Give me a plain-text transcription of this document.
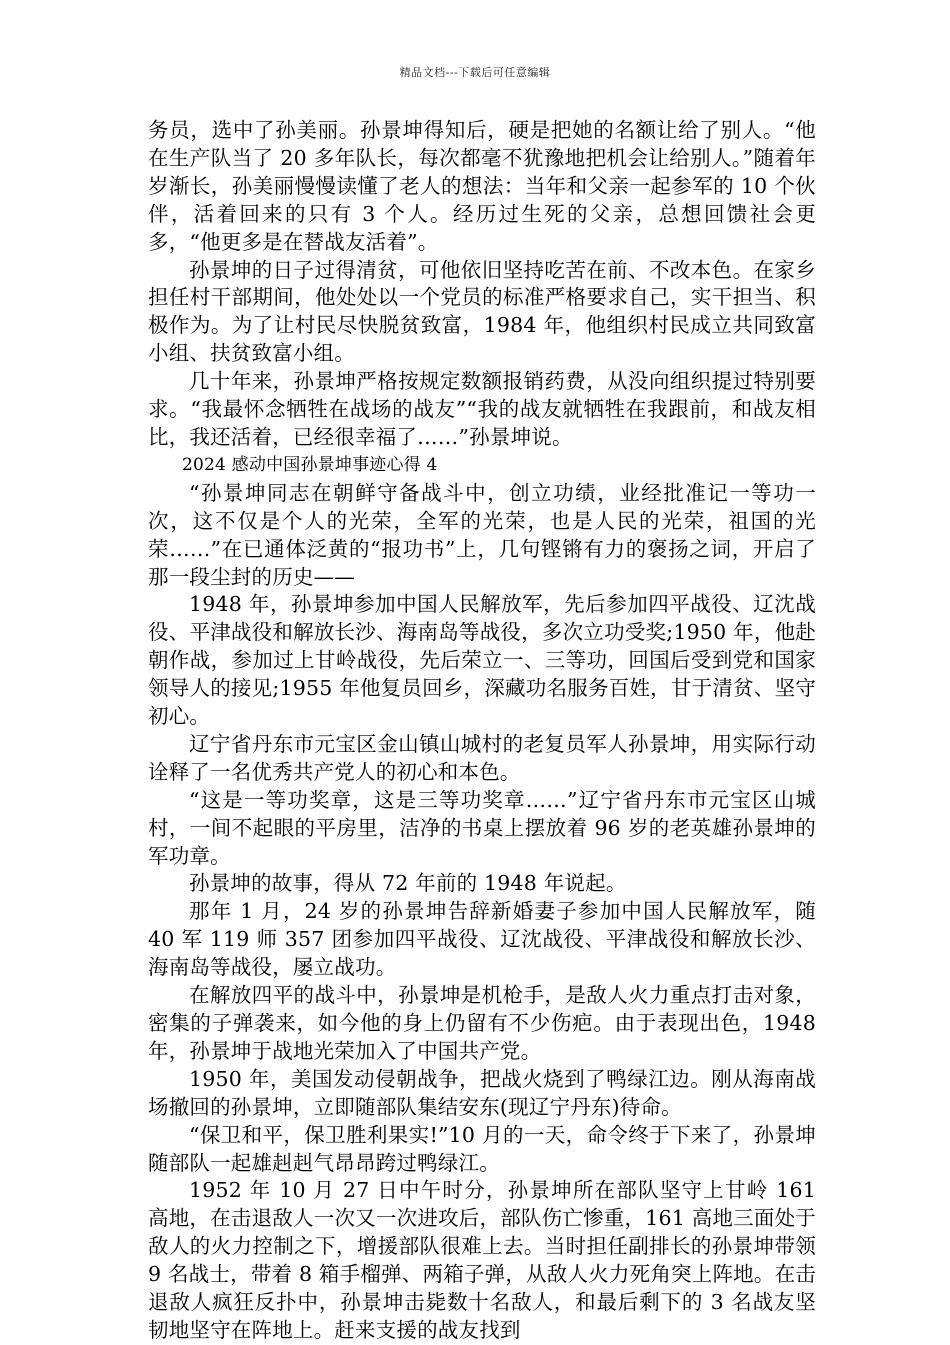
精品文档---下载后可任意编辑

务员，选中了孙美丽。孙景坤得知后，硬是把她的名额让给了别人。“他在生产队当了 20 多年队长，每次都毫不犹豫地把机会让给别人。”随着年岁渐长，孙美丽慢慢读懂了老人的想法：当年和父亲一起参军的 10 个伙伴，活着回来的只有 3 个人。经历过生死的父亲，总想回馈社会更多，“他更多是在替战友活着”。

孙景坤的日子过得清贫，可他依旧坚持吃苦在前、不改本色。在家乡担任村干部期间，他处处以一个党员的标准严格要求自己，实干担当、积极作为。为了让村民尽快脱贫致富，1984 年，他组织村民成立共同致富小组、扶贫致富小组。

几十年来，孙景坤严格按规定数额报销药费，从没向组织提过特别要求。“我最怀念牺牲在战场的战友”“我的战友就牺牲在我跟前，和战友相比，我还活着，已经很幸福了……”孙景坤说。

2024 感动中国孙景坤事迹心得 4

“孙景坤同志在朝鲜守备战斗中，创立功绩，业经批准记一等功一次，这不仅是个人的光荣，全军的光荣，也是人民的光荣，祖国的光荣……”在已通体泛黄的“报功书”上，几句铿锵有力的褒扬之词，开启了那一段尘封的历史——

1948 年，孙景坤参加中国人民解放军，先后参加四平战役、辽沈战役、平津战役和解放长沙、海南岛等战役，多次立功受奖;1950 年，他赴朝作战，参加过上甘岭战役，先后荣立一、三等功，回国后受到党和国家领导人的接见;1955 年他复员回乡，深藏功名服务百姓，甘于清贫、坚守初心。

辽宁省丹东市元宝区金山镇山城村的老复员军人孙景坤，用实际行动诠释了一名优秀共产党人的初心和本色。

“这是一等功奖章，这是三等功奖章……”辽宁省丹东市元宝区山城村，一间不起眼的平房里，洁净的书桌上摆放着 96 岁的老英雄孙景坤的军功章。

孙景坤的故事，得从 72 年前的 1948 年说起。

那年 1 月，24 岁的孙景坤告辞新婚妻子参加中国人民解放军，随 40 军 119 师 357 团参加四平战役、辽沈战役、平津战役和解放长沙、海南岛等战役，屡立战功。

在解放四平的战斗中，孙景坤是机枪手，是敌人火力重点打击对象，密集的子弹袭来，如今他的身上仍留有不少伤疤。由于表现出色，1948 年，孙景坤于战地光荣加入了中国共产党。

1950 年，美国发动侵朝战争，把战火烧到了鸭绿江边。刚从海南战场撤回的孙景坤，立即随部队集结安东(现辽宁丹东)待命。

“保卫和平，保卫胜利果实!”10 月的一天，命令终于下来了，孙景坤随部队一起雄赳赳气昂昂跨过鸭绿江。

1952 年 10 月 27 日中午时分，孙景坤所在部队坚守上甘岭 161 高地，在击退敌人一次又一次进攻后，部队伤亡惨重，161 高地三面处于敌人的火力控制之下，增援部队很难上去。当时担任副排长的孙景坤带领 9 名战士，带着 8 箱手榴弹、两箱子弹，从敌人火力死角突上阵地。在击退敌人疯狂反扑中，孙景坤击毙数十名敌人，和最后剩下的 3 名战友坚韧地坚守在阵地上。赶来支援的战友找到
